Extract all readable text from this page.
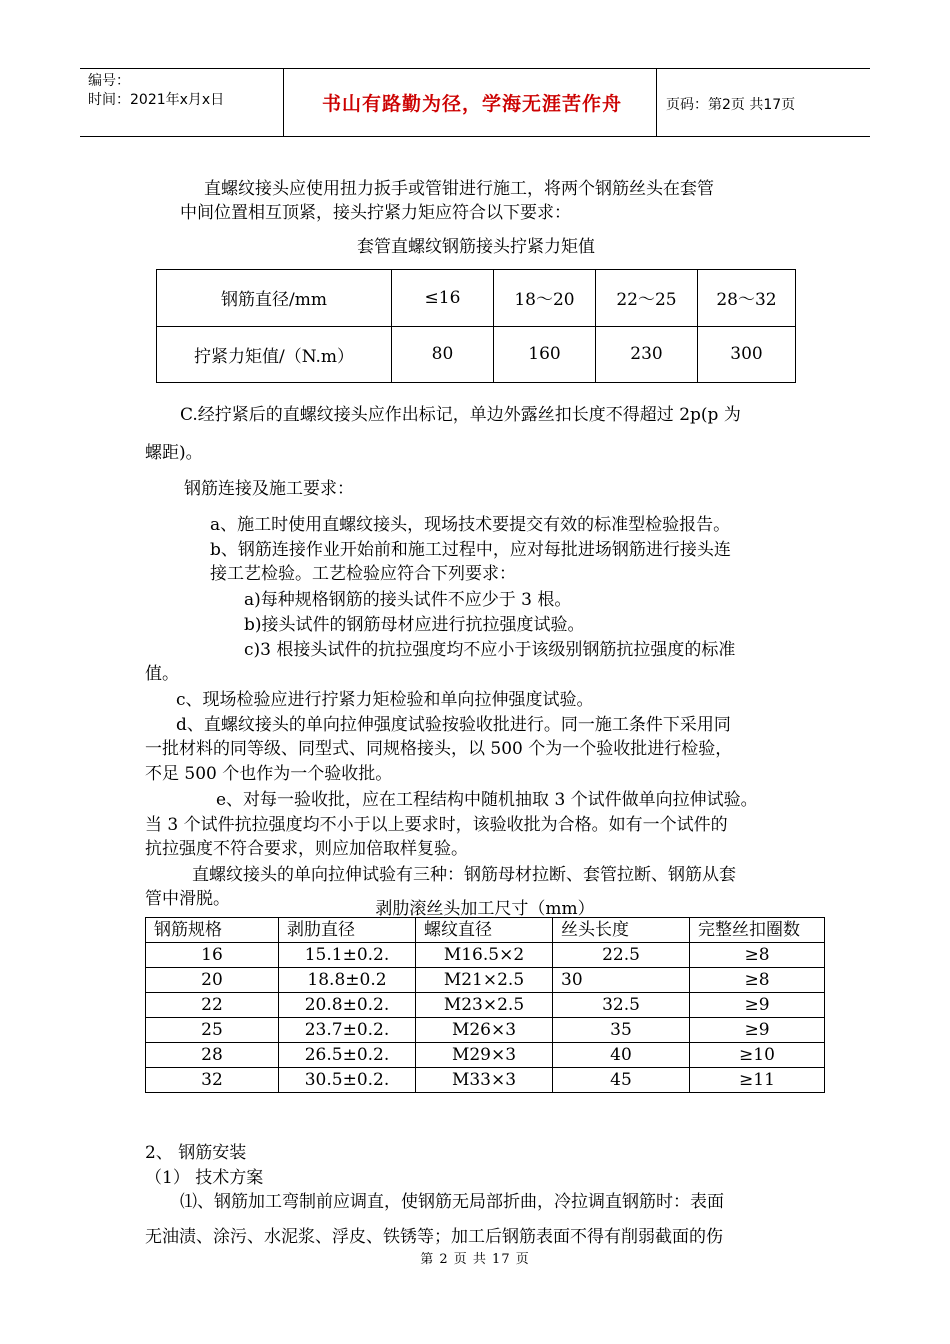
编号：
时间：2021年x月x日	书山有路勤为径，学海无涯苦作舟	页码：第2页 共17页

直螺纹接头应使用扭力扳手或管钳进行施工，将两个钢筋丝头在套管

中间位置相互顶紧，接头拧紧力矩应符合以下要求：

套管直螺纹钢筋接头拧紧力矩值
钢筋直径/mm	≤16	18～20	22～25	28～32
拧紧力矩值/（N.m）	80	160	230	300

C.经拧紧后的直螺纹接头应作出标记，单边外露丝扣长度不得超过 2p(p 为

螺距)。

钢筋连接及施工要求：

a、施工时使用直螺纹接头，现场技术要提交有效的标准型检验报告。

b、钢筋连接作业开始前和施工过程中，应对每批进场钢筋进行接头连

接工艺检验。工艺检验应符合下列要求：

a)每种规格钢筋的接头试件不应少于 3 根。

b)接头试件的钢筋母材应进行抗拉强度试验。

c)3 根接头试件的抗拉强度均不应小于该级别钢筋抗拉强度的标准

值。

c、现场检验应进行拧紧力矩检验和单向拉伸强度试验。

d、直螺纹接头的单向拉伸强度试验按验收批进行。同一施工条件下采用同

一批材料的同等级、同型式、同规格接头，以 500 个为一个验收批进行检验，

不足 500 个也作为一个验收批。

e、对每一验收批，应在工程结构中随机抽取 3 个试件做单向拉伸试验。

当 3 个试件抗拉强度均不小于以上要求时，该验收批为合格。如有一个试件的

抗拉强度不符合要求，则应加倍取样复验。

直螺纹接头的单向拉伸试验有三种：钢筋母材拉断、套管拉断、钢筋从套

管中滑脱。	剥肋滚丝头加工尺寸（mm）
钢筋规格	剥肋直径	螺纹直径	丝头长度	完整丝扣圈数
16	15.1±0.2.	M16.5×2	22.5	≥8
20	18.8±0.2	M21×2.5	30	≥8
22	20.8±0.2.	M23×2.5	32.5	≥9
25	23.7±0.2.	M26×3	35	≥9
28	26.5±0.2.	M29×3	40	≥10
32	30.5±0.2.	M33×3	45	≥11

2、 钢筋安装

（1） 技术方案

⑴、钢筋加工弯制前应调直，使钢筋无局部折曲，冷拉调直钢筋时：表面

无油渍、涂污、水泥浆、浮皮、铁锈等；加工后钢筋表面不得有削弱截面的伤

第 2 页 共 17 页
